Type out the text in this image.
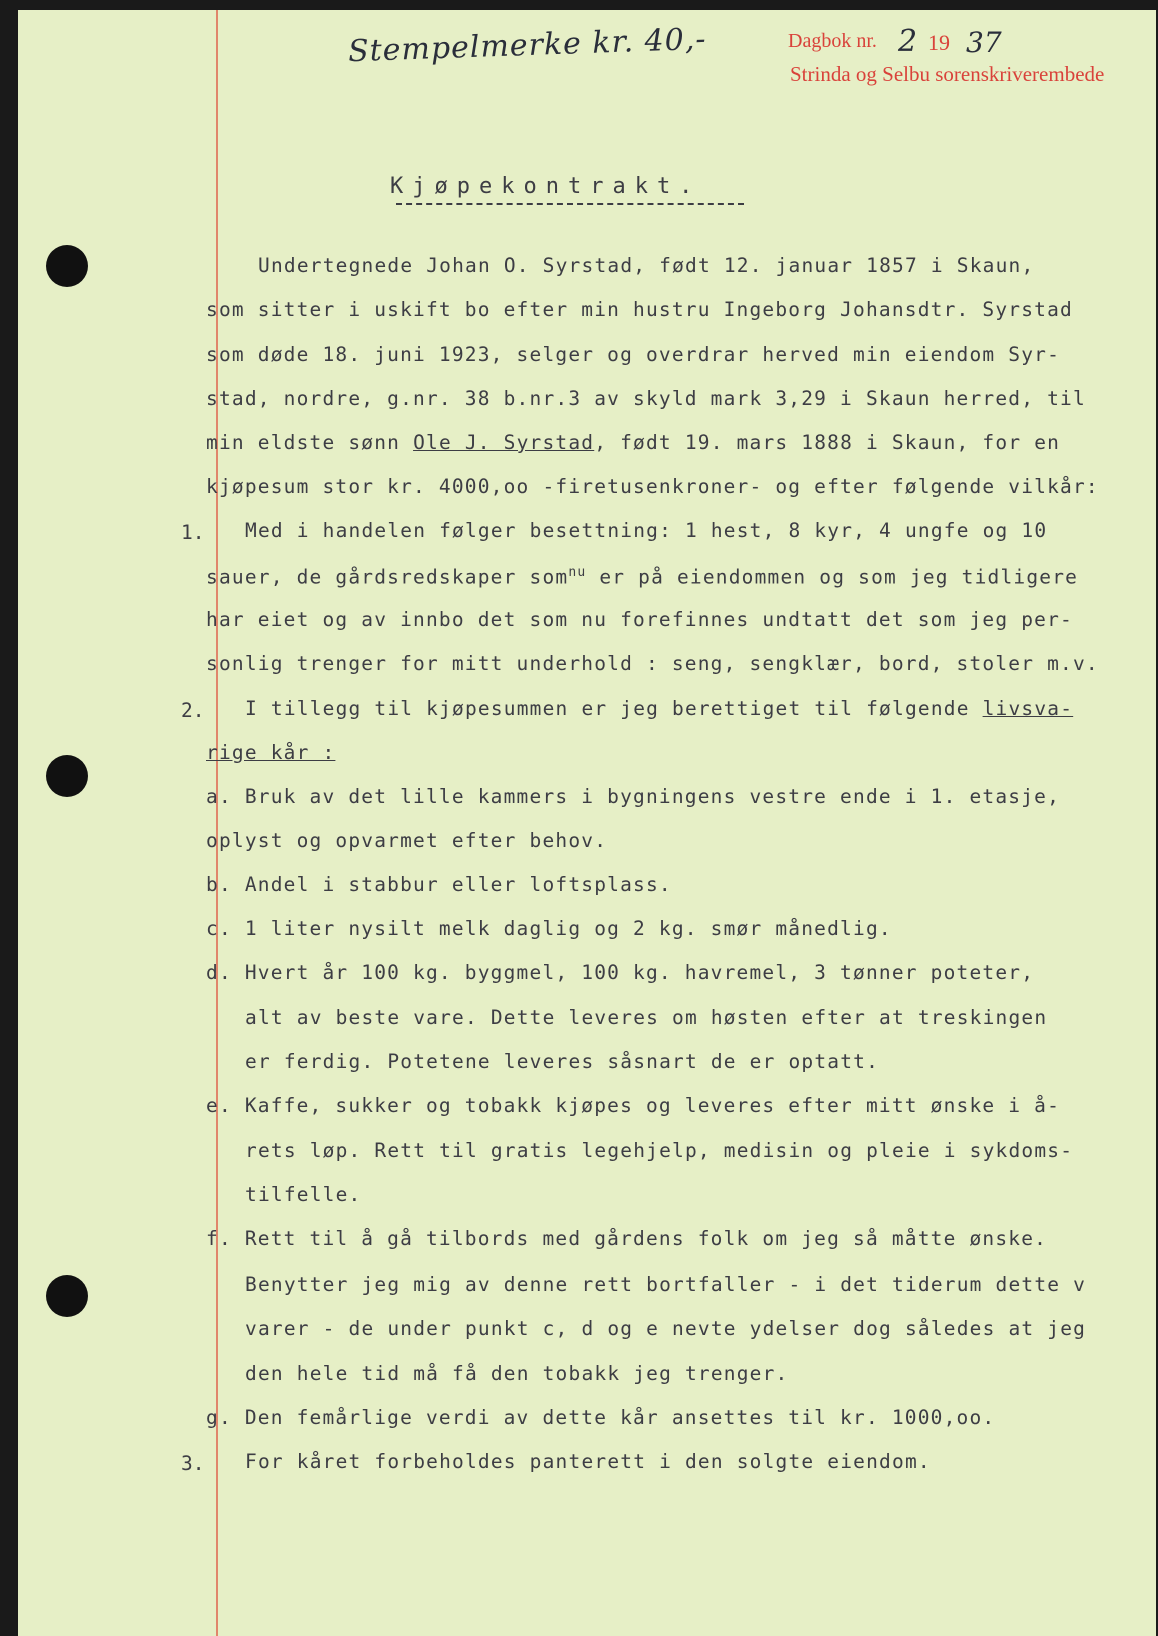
Stempelmerke kr. 40,-	Dagbok nr. 2 19 37
Strinda og Selbu sorenskriverembede
Kjøpekontrakt.
Undertegnede Johan O. Syrstad, født 12. januar 1857 i Skaun,
som sitter i uskift bo efter min hustru Ingeborg Johansdtr. Syrstad
som døde 18. juni 1923, selger og overdrar herved min eiendom Syr-
stad, nordre, g.nr. 38 b.nr.3 av skyld mark 3,29 i Skaun herred, til
min eldste sønn Ole J. Syrstad, født 19. mars 1888 i Skaun, for en
kjøpesum stor kr. 4000,oo -firetusenkroner- og efter følgende vilkår:
1. Med i handelen følger besettning: 1 hest, 8 kyr, 4 ungfe og 10
sauer, de gårdsredskaper som$^{nu}$ er på eiendommen og som jeg tidligere
har eiet og av innbo det som nu forefinnes undtatt det som jeg per-
sonlig trenger for mitt underhold : seng, sengklær, bord, stoler m.v.
2. I tillegg til kjøpesummen er jeg berettiget til følgende livsva-
rige kår :
a. Bruk av det lille kammers i bygningens vestre ende i 1. etasje,
oplyst og opvarmet efter behov.
b. Andel i stabbur eller loftsplass.
c. 1 liter nysilt melk daglig og 2 kg. smør månedlig.
d. Hvert år 100 kg. byggmel, 100 kg. havremel, 3 tønner poteter,
alt av beste vare. Dette leveres om høsten efter at treskingen
er ferdig. Potetene leveres såsnart de er optatt.
e. Kaffe, sukker og tobakk kjøpes og leveres efter mitt ønske i å-
rets løp. Rett til gratis legehjelp, medisin og pleie i sykdoms-
tilfelle.
f. Rett til å gå tilbords med gårdens folk om jeg så måtte ønske.
Benytter jeg mig av denne rett bortfaller - i det tiderum dette v
varer - de under punkt c, d og e nevte ydelser dog således at jeg
den hele tid må få den tobakk jeg trenger.
g. Den femårlige verdi av dette kår ansettes til kr. 1000,oo.
3. For kåret forbeholdes panterett i den solgte eiendom.
